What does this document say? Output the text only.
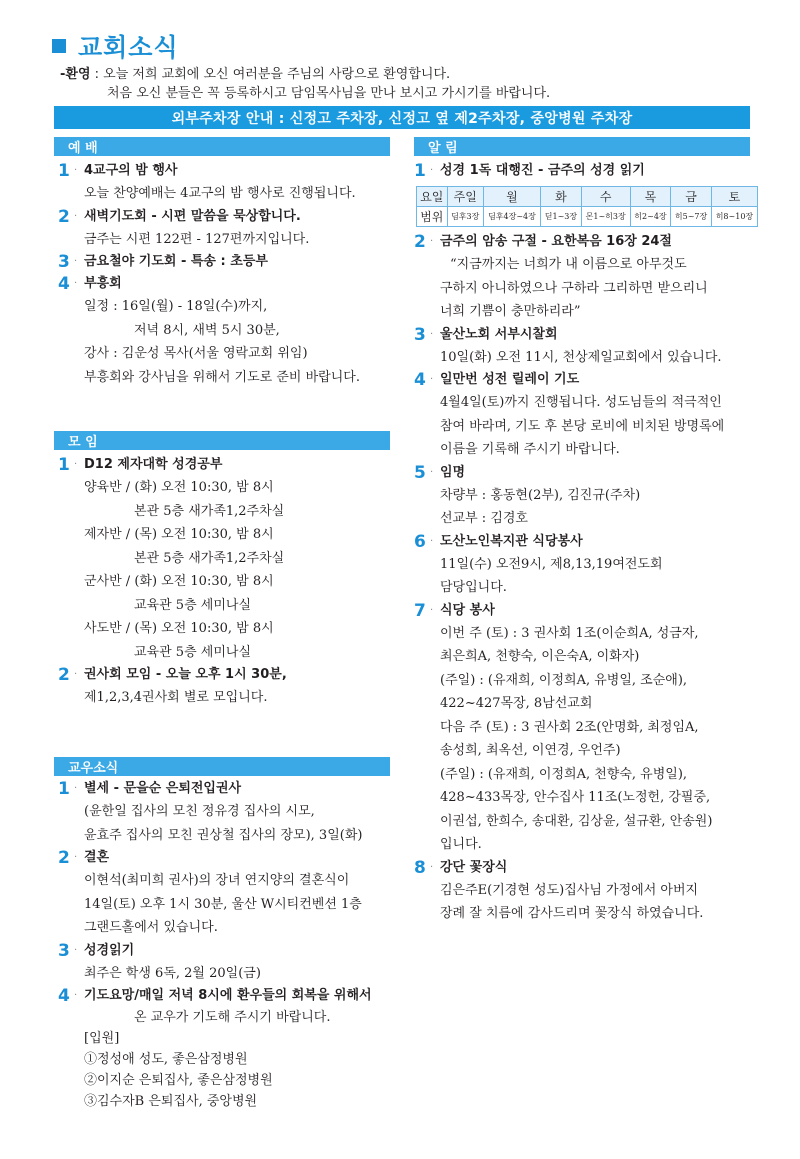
교회소식
-환영 : 오늘 저희 교회에 오신 여러분을 주님의 사랑으로 환영합니다.
처음 오신 분들은 꼭 등록하시고 담임목사님을 만나 보시고 가시기를 바랍니다.
외부주차장 안내 : 신정고 주차장, 신정고 옆 제2주차장, 중앙병원 주차장
예 배
모 임
교우소식
알 림
1 · 4교구의 밤 행사
오늘 찬양예배는 4교구의 밤 행사로 진행됩니다.
2 · 새벽기도회 - 시편 말씀을 묵상합니다.
금주는 시편 122편 - 127편까지입니다.
3 · 금요철야 기도회 - 특송 : 초등부
4 · 부흥회
일정 : 16일(월) - 18일(수)까지,
저녁 8시, 새벽 5시 30분,
강사 : 김운성 목사(서울 영락교회 위임)
부흥회와 강사님을 위해서 기도로 준비 바랍니다.
1 · D12 제자대학 성경공부
양육반 / (화) 오전 10:30, 밤 8시
본관 5층 새가족1,2주차실
제자반 / (목) 오전 10:30, 밤 8시
본관 5층 새가족1,2주차실
군사반 / (화) 오전 10:30, 밤 8시
교육관 5층 세미나실
사도반 / (목) 오전 10:30, 밤 8시
교육관 5층 세미나실
2 · 권사회 모임 - 오늘 오후 1시 30분,
제1,2,3,4권사회 별로 모입니다.
1 · 별세 - 문을순 은퇴전입권사
(윤한일 집사의 모친 정유경 집사의 시모,
윤효주 집사의 모친 권상철 집사의 장모), 3일(화)
2 · 결혼
이현석(최미희 권사)의 장녀 연지양의 결혼식이
14일(토) 오후 1시 30분, 울산 W시티컨벤션 1층
그랜드홀에서 있습니다.
3 · 성경읽기
최주은 학생 6독, 2월 20일(금)
4 · 기도요망/매일 저녁 8시에 환우들의 회복을 위해서
온 교우가 기도해 주시기 바랍니다.
[입원]
①정성애 성도, 좋은삼정병원
②이지순 은퇴집사, 좋은삼정병원
③김수자B 은퇴집사, 중앙병원
1 · 성경 1독 대행진 - 금주의 성경 읽기
요일	주일	월	화	수	목	금	토
범위	딤후3장	딤후4장~4장	딛1~3장	몬1~히3장	히2~4장	히5~7장	히8~10장
2 · 금주의 암송 구절 - 요한복음 16장 24절
“지금까지는 너희가 내 이름으로 아무것도
구하지 아니하였으나 구하라 그리하면 받으리니
너희 기쁨이 충만하리라”
3 · 울산노회 서부시찰회
10일(화) 오전 11시, 천상제일교회에서 있습니다.
4 · 일만번 성전 릴레이 기도
4월4일(토)까지 진행됩니다. 성도님들의 적극적인
참여 바라며, 기도 후 본당 로비에 비치된 방명록에
이름을 기록해 주시기 바랍니다.
5 · 임명
차량부 : 홍동현(2부), 김진규(주차)
선교부 : 김경호
6 · 도산노인복지관 식당봉사
11일(수) 오전9시, 제8,13,19여전도회
담당입니다.
7 · 식당 봉사
이번 주 (토) : 3 권사회 1조(이순희A, 성금자,
최은희A, 천향숙, 이은숙A, 이화자)
(주일) : (유재희, 이정희A, 유병일, 조순애),
422~427목장, 8남선교회
다음 주 (토) : 3 권사회 2조(안명화, 최정임A,
송성희, 최옥선, 이연경, 우언주)
(주일) : (유재희, 이정희A, 천향숙, 유병일),
428~433목장, 안수집사 11조(노정헌, 강필중,
이권섭, 한희수, 송대환, 김상윤, 설규환, 안송원)
입니다.
8 · 강단 꽃장식
김은주E(기경현 성도)집사님 가정에서 아버지
장례 잘 치름에 감사드리며 꽃장식 하였습니다.
